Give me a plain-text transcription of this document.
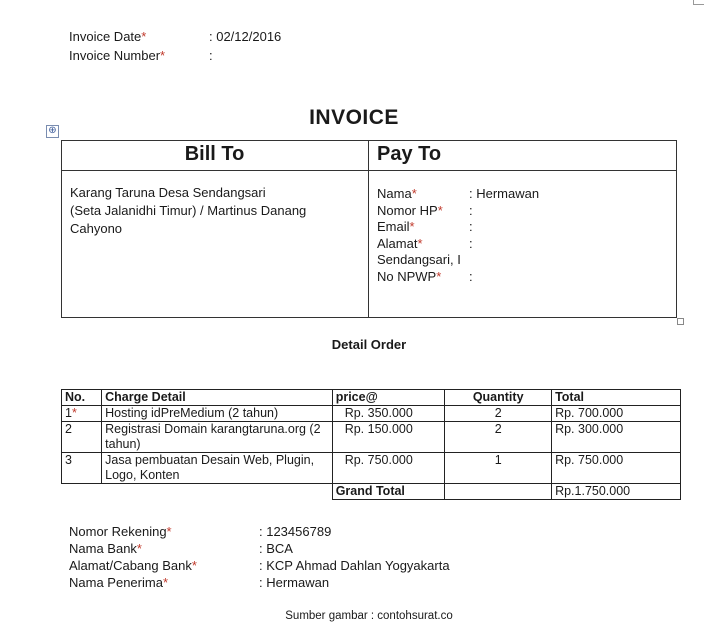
Invoice Date*	: 02/12/2016
Invoice Number*	:
INVOICE
⊕
Bill To	Pay To
Karang Taruna Desa Sendangsari
(Seta Jalanidhi Timur) / Martinus Danang
Cahyono
Nama*	: Hermawan
Nomor HP* :
Email*	:
Alamat*	:
Sendangsari, I
No NPWP* :
Detail Order
No.	Charge Detail	price@	Quantity	Total
1*	Hosting idPreMedium (2 tahun)	Rp. 350.000	2	Rp. 700.000
2	Registrasi Domain karangtaruna.org (2 tahun)	Rp. 150.000	2	Rp. 300.000
3	Jasa pembuatan Desain Web, Plugin, Logo, Konten	Rp. 750.000	1	Rp. 750.000
		Grand Total		Rp.1.750.000
Nomor Rekening*	: 123456789
Nama Bank*	: BCA
Alamat/Cabang Bank*	: KCP Ahmad Dahlan Yogyakarta
Nama Penerima*	: Hermawan
Sumber gambar : contohsurat.co
